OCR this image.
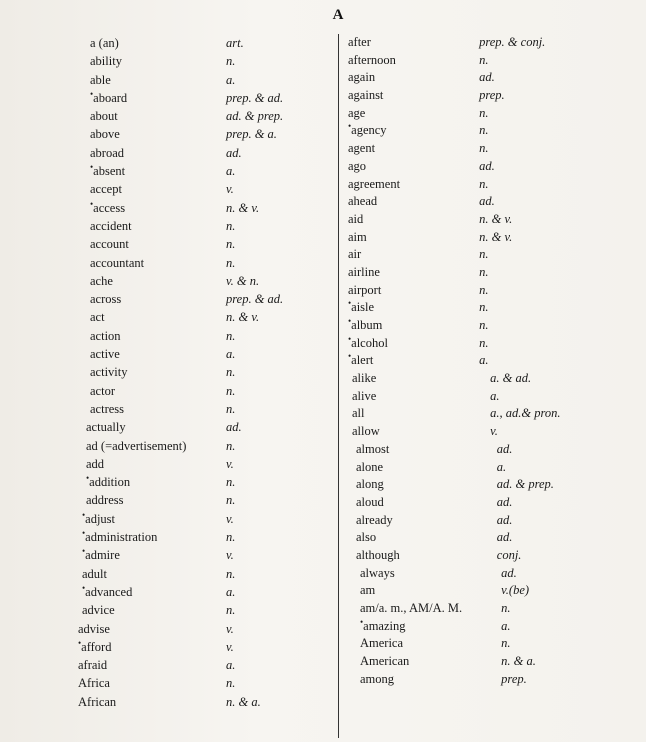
A
a (an)	art.
ability	n.
able	a.
•aboard	prep. & ad.
about	ad. & prep.
above	prep. & a.
abroad	ad.
•absent	a.
accept	v.
•access	n. & v.
accident	n.
account	n.
accountant	n.
ache	v. & n.
across	prep. & ad.
act	n. & v.
action	n.
active	a.
activity	n.
actor	n.
actress	n.
actually	ad.
ad (=advertisement)	n.
add	v.
•addition	n.
address	n.
•adjust	v.
•administration	n.
•admire	v.
adult	n.
•advanced	a.
advice	n.
advise	v.
•afford	v.
afraid	a.
Africa	n.
African	n. & a.
after	prep. & conj.
afternoon	n.
again	ad.
against	prep.
age	n.
•agency	n.
agent	n.
ago	ad.
agreement	n.
ahead	ad.
aid	n. & v.
aim	n. & v.
air	n.
airline	n.
airport	n.
•aisle	n.
•album	n.
•alcohol	n.
•alert	a.
alike	a. & ad.
alive	a.
all	a., ad.& pron.
allow	v.
almost	ad.
alone	a.
along	ad. & prep.
aloud	ad.
already	ad.
also	ad.
although	conj.
always	ad.
am	v.(be)
am/a. m., AM/A. M.	n.
•amazing	a.
America	n.
American	n. & a.
among	prep.
